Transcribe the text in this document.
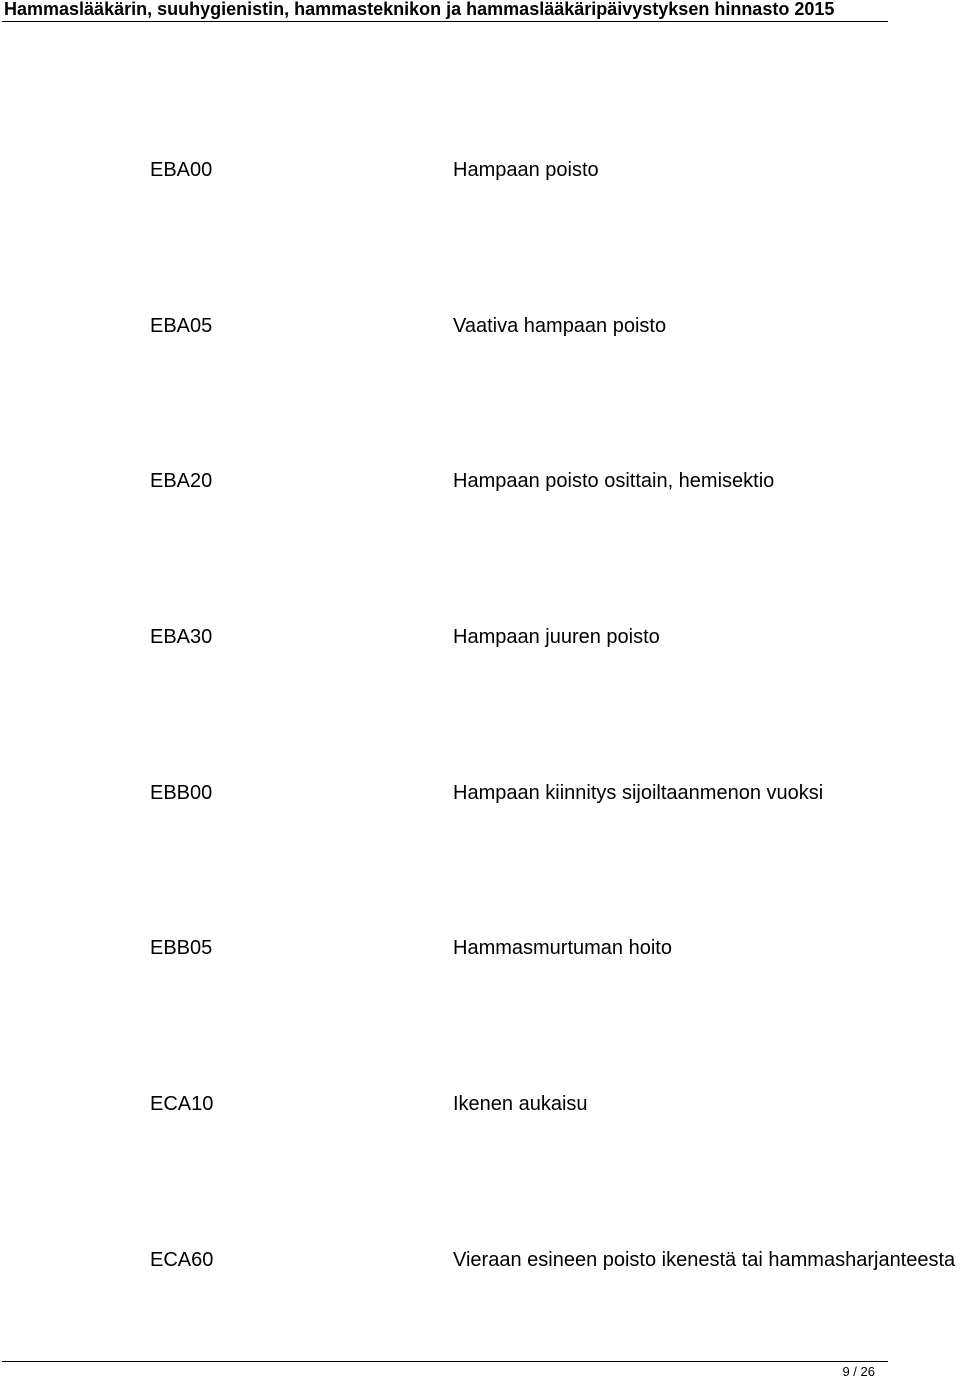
Hammaslääkärin, suuhygienistin, hammasteknikon ja hammaslääkäripäivystyksen hinnasto 2015
EBA00	Hampaan poisto
EBA05	Vaativa hampaan poisto
EBA20	Hampaan poisto osittain, hemisektio
EBA30	Hampaan juuren poisto
EBB00	Hampaan kiinnitys sijoiltaanmenon vuoksi
EBB05	Hammasmurtuman hoito
ECA10	Ikenen aukaisu
ECA60	Vieraan esineen poisto ikenestä tai hammasharjanteesta
9 / 26
